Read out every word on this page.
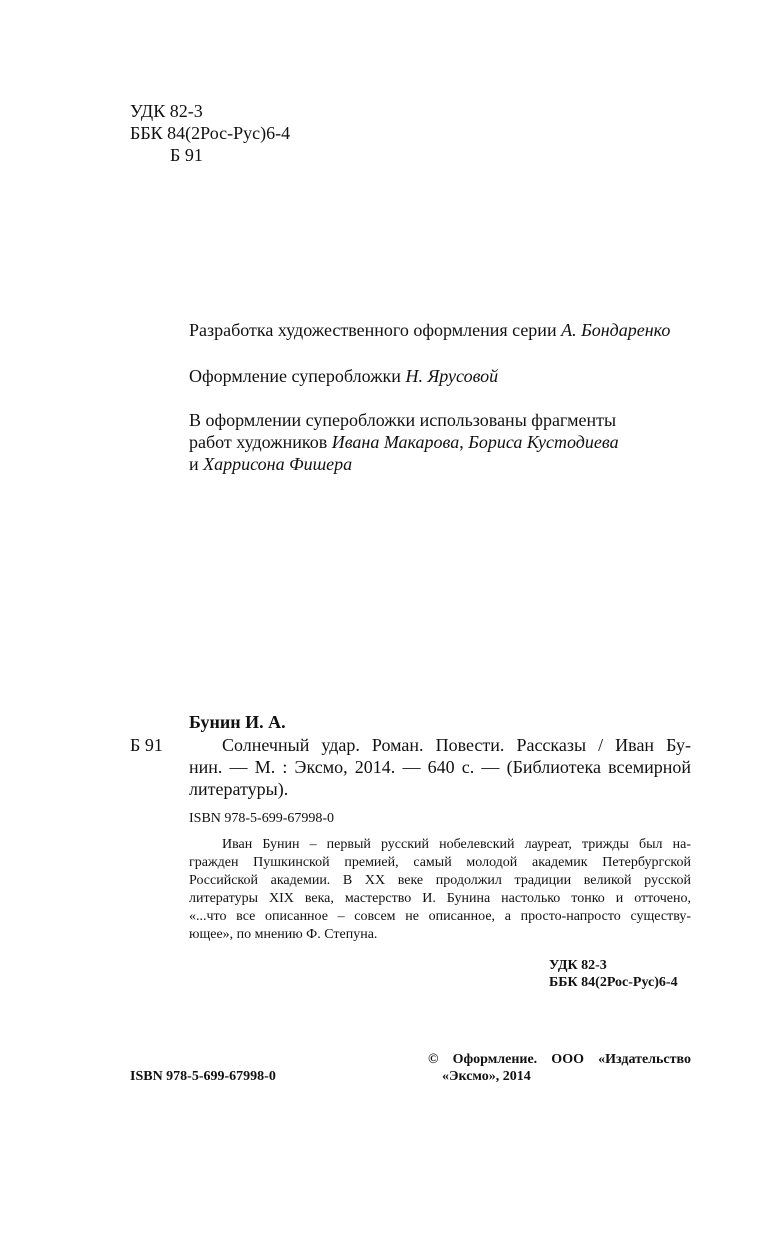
УДК 82-3
ББК 84(2Рос-Рус)6-4
Б 91
Разработка художественного оформления серии А. Бондаренко
Оформление суперобложки Н. Ярусовой
В оформлении суперобложки использованы фрагменты
работ художников Ивана Макарова, Бориса Кустодиева
и Харрисона Фишера
Бунин И. А.
Б 91	Солнечный удар. Роман. Повести. Рассказы / Иван Бу-
нин. — М. : Эксмо, 2014. — 640 с. — (Библиотека всемирной
литературы).
ISBN 978-5-699-67998-0
Иван Бунин – первый русский нобелевский лауреат, трижды был на-
гражден Пушкинской премией, самый молодой академик Петербургской
Российской академии. В XX веке продолжил традиции великой русской
литературы XIX века, мастерство И. Бунина настолько тонко и отточено,
«...что все описанное – совсем не описанное, а просто-напросто существу-
ющее», по мнению Ф. Степуна.
УДК 82-3
ББК 84(2Рос-Рус)6-4
ISBN 978-5-699-67998-0
© Оформление. ООО «Издательство
«Эксмо», 2014
